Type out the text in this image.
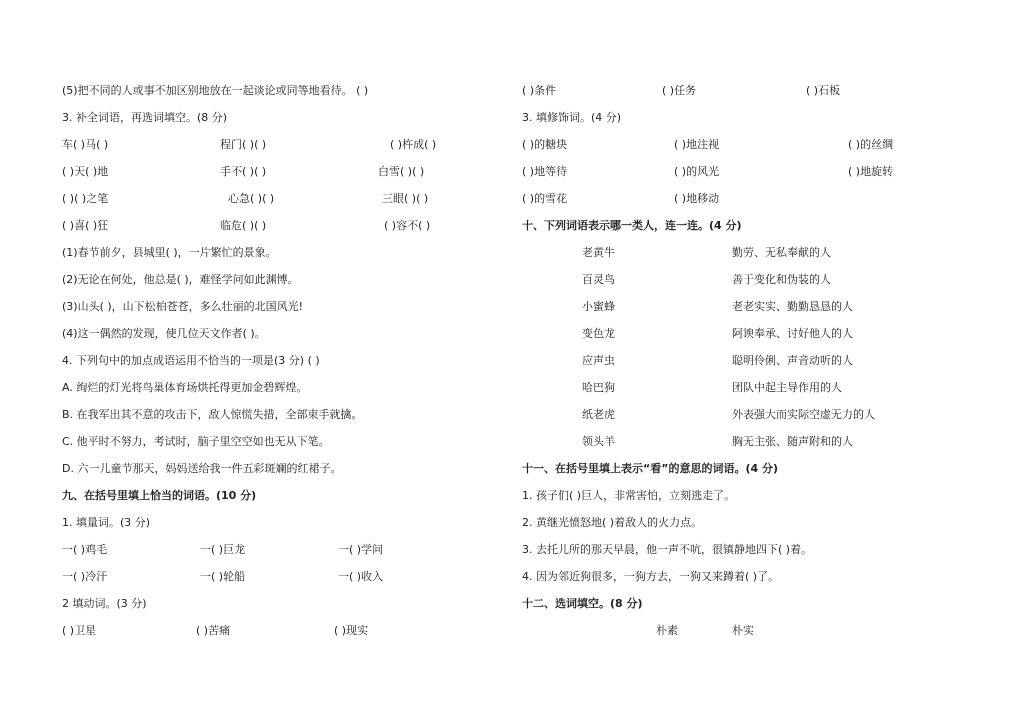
(5)把不同的人或事不加区别地放在一起谈论或同等地看待。 ( )
3. 补全词语，再选词填空。(8 分)
车( )马( )	程门( )( )	( )杵成( )
( )天( )地	手不( )( )	白雪( )( )
( )( )之笔	心急( )( )	三眼( )( )
( )喜( )狂	临危( )( )	( )容不( )
(1)春节前夕，县城里( )，一片繁忙的景象。
(2)无论在何处，他总是( )，难怪学问如此渊博。
(3)山头( )，山下松柏苍苍，多么壮丽的北国风光!
(4)这一偶然的发现，使几位天文作者( )。
4. 下列句中的加点成语运用不恰当的一项是(3 分) ( )
A. 绚烂的灯光将鸟巢体育场烘托得更加金碧辉煌。
B. 在我军出其不意的攻击下，敌人惊慌失措，全部束手就擒。
C. 他平时不努力，考试时，脑子里空空如也无从下笔。
D. 六一儿童节那天，妈妈送给我一件五彩斑斓的红裙子。
九、在括号里填上恰当的词语。(10 分)
1. 填量词。(3 分)
一( )鸡毛	一( )巨龙	一( )学问
一( )冷汗	一( )轮船	一( )收入
2 填动词。(3 分)
( )卫星	( )苦痛	( )现实
( )条件	( )任务	( )石板
3. 填修饰词。(4 分)
( )的糖块	( )地注视	( )的丝绸
( )地等待	( )的风光	( )地旋转
( )的雪花	( )地移动
十、下列词语表示哪一类人，连一连。(4 分)
老黄牛	勤劳、无私奉献的人
百灵鸟	善于变化和伪装的人
小蜜蜂	老老实实、勤勤恳恳的人
变色龙	阿谀奉承、讨好他人的人
应声虫	聪明伶俐、声音动听的人
哈巴狗	团队中起主导作用的人
纸老虎	外表强大而实际空虚无力的人
领头羊	胸无主张、随声附和的人
十一、在括号里填上表示“看”的意思的词语。(4 分)
1. 孩子们( )巨人，非常害怕，立刻逃走了。
2. 黄继光愤怒地( )着敌人的火力点。
3. 去托儿所的那天早晨，他一声不吭，很镇静地四下( )着。
4. 因为邻近狗很多，一狗方去，一狗又来蹲着( )了。
十二、选词填空。(8 分)
朴素	朴实
